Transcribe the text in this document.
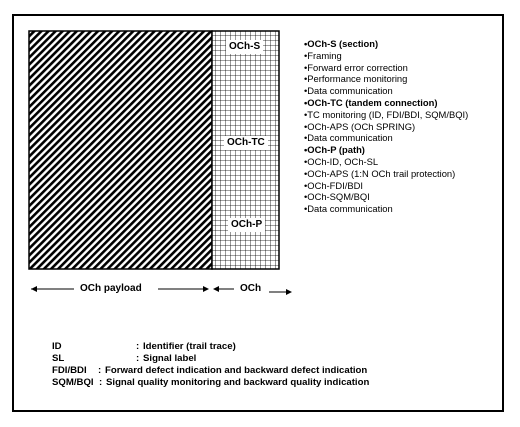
OCh-S
OCh-TC
OCh-P
•OCh-S (section)
•Framing
•Forward error correction
•Performance monitoring
•Data communication
•OCh-TC (tandem connection)
•TC monitoring (ID, FDI/BDI, SQM/BQI)
•OCh-APS (OCh SPRING)
•Data communication
•OCh-P (path)
•OCh-ID, OCh-SL
•OCh-APS (1:N OCh trail protection)
•OCh-FDI/BDI
•OCh-SQM/BQI
•Data communication
OCh payload	OCh
ID	: Identifier (trail trace)
SL	: Signal label
FDI/BDI : Forward defect indication and backward defect indication
SQM/BQI : Signal quality monitoring and backward quality indication
